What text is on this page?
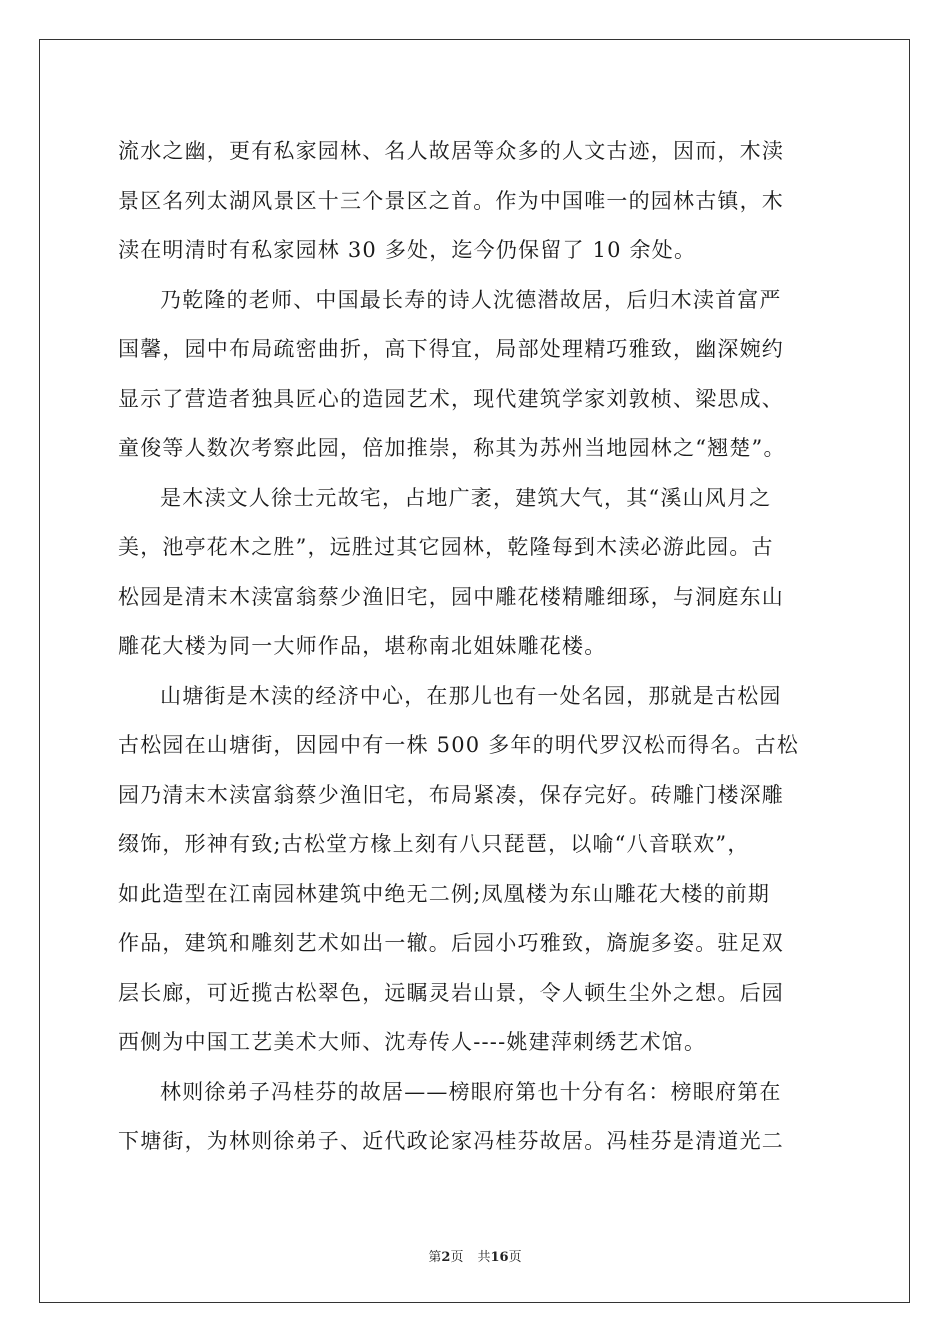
流水之幽，更有私家园林、名人故居等众多的人文古迹，因而，木渎
景区名列太湖风景区十三个景区之首。作为中国唯一的园林古镇，木
渎在明清时有私家园林 30 多处，迄今仍保留了 10 余处。
乃乾隆的老师、中国最长寿的诗人沈德潜故居，后归木渎首富严
国馨，园中布局疏密曲折，高下得宜，局部处理精巧雅致，幽深婉约
显示了营造者独具匠心的造园艺术，现代建筑学家刘敦桢、梁思成、
童俊等人数次考察此园，倍加推崇，称其为苏州当地园林之“翘楚”。
是木渎文人徐士元故宅，占地广袤，建筑大气，其“溪山风月之
美，池亭花木之胜”，远胜过其它园林，乾隆每到木渎必游此园。古
松园是清末木渎富翁蔡少渔旧宅，园中雕花楼精雕细琢，与洞庭东山
雕花大楼为同一大师作品，堪称南北姐妹雕花楼。
山塘街是木渎的经济中心，在那儿也有一处名园，那就是古松园
古松园在山塘街，因园中有一株 500 多年的明代罗汉松而得名。古松
园乃清末木渎富翁蔡少渔旧宅，布局紧凑，保存完好。砖雕门楼深雕
缀饰，形神有致;古松堂方椽上刻有八只琵琶，以喻“八音联欢”，
如此造型在江南园林建筑中绝无二例;凤凰楼为东山雕花大楼的前期
作品，建筑和雕刻艺术如出一辙。后园小巧雅致，旖旎多姿。驻足双
层长廊，可近揽古松翠色，远瞩灵岩山景，令人顿生尘外之想。后园
西侧为中国工艺美术大师、沈寿传人----姚建萍刺绣艺术馆。
林则徐弟子冯桂芬的故居——榜眼府第也十分有名：榜眼府第在
下塘街，为林则徐弟子、近代政论家冯桂芬故居。冯桂芬是清道光二
第2页 共16页
